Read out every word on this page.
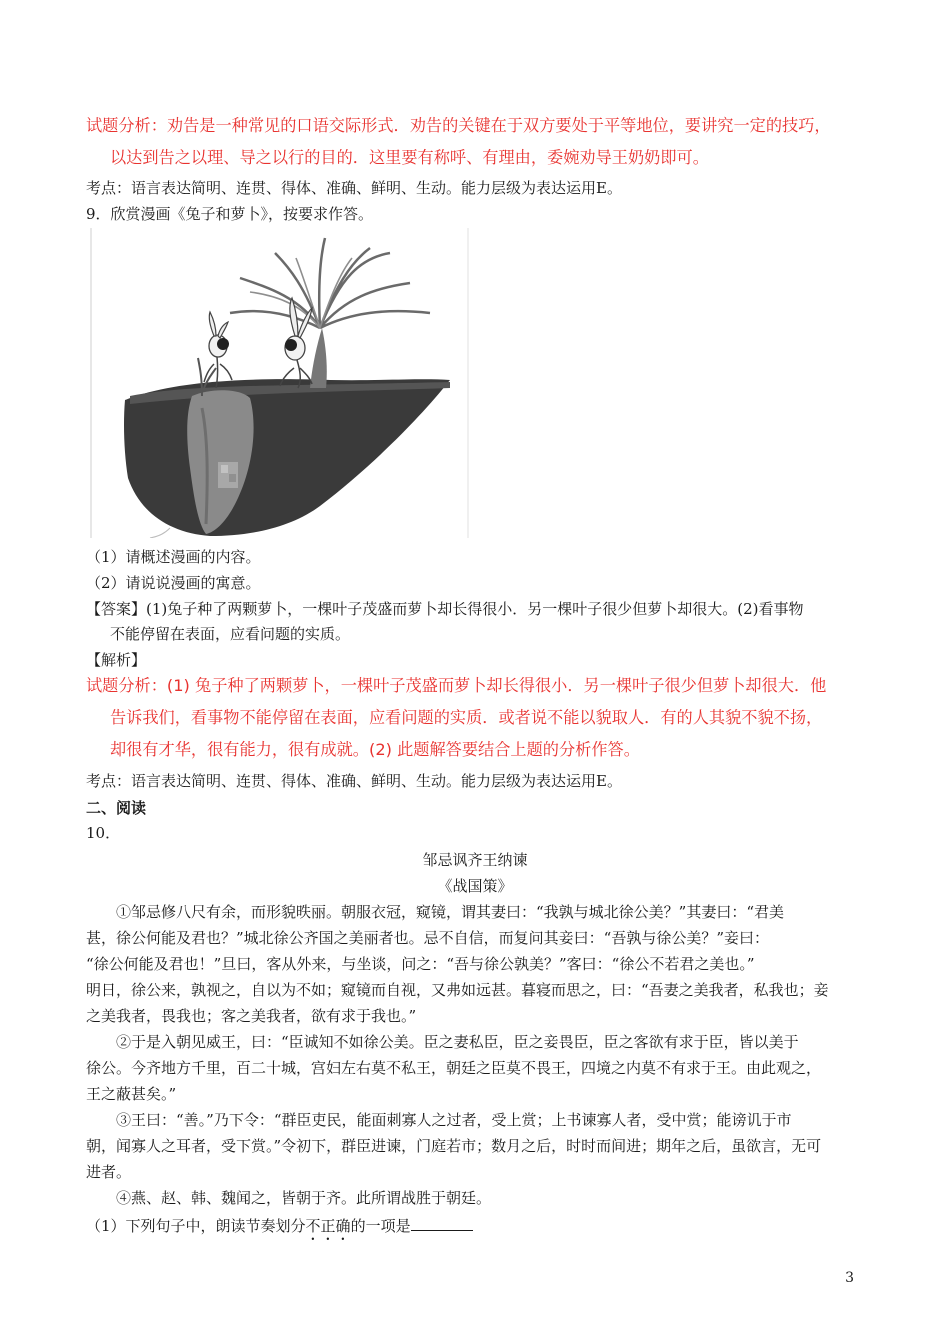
试题分析：劝告是一种常见的口语交际形式．劝告的关键在于双方要处于平等地位，要讲究一定的技巧，
以达到告之以理、导之以行的目的．这里要有称呼、有理由，委婉劝导王奶奶即可。
考点：语言表达简明、连贯、得体、准确、鲜明、生动。能力层级为表达运用E。
9．欣赏漫画《兔子和萝卜》，按要求作答。
（1）请概述漫画的内容。
（2）请说说漫画的寓意。
【答案】(1)兔子种了两颗萝卜，一棵叶子茂盛而萝卜却长得很小．另一棵叶子很少但萝卜却很大。(2)看事物
不能停留在表面，应看问题的实质。
【解析】
试题分析：(1) 兔子种了两颗萝卜，一棵叶子茂盛而萝卜却长得很小．另一棵叶子很少但萝卜却很大．他
告诉我们，看事物不能停留在表面，应看问题的实质．或者说不能以貌取人．有的人其貌不貌不扬，
却很有才华，很有能力，很有成就。(2) 此题解答要结合上题的分析作答。
考点：语言表达简明、连贯、得体、准确、鲜明、生动。能力层级为表达运用E。
二、阅读
10．
邹忌讽齐王纳谏
《战国策》
①邹忌修八尺有余，而形貌昳丽。朝服衣冠，窥镜，谓其妻曰：“我孰与城北徐公美？”其妻曰：“君美
甚，徐公何能及君也？”城北徐公齐国之美丽者也。忌不自信，而复问其妾曰：“吾孰与徐公美？”妾曰：
“徐公何能及君也！”旦曰，客从外来，与坐谈，问之：“吾与徐公孰美？”客曰：“徐公不若君之美也。”
明日，徐公来，孰视之，自以为不如；窥镜而自视，又弗如远甚。暮寝而思之，曰：“吾妻之美我者，私我也；妾
之美我者，畏我也；客之美我者，欲有求于我也。”
②于是入朝见威王，曰：“臣诚知不如徐公美。臣之妻私臣，臣之妾畏臣，臣之客欲有求于臣，皆以美于
徐公。今齐地方千里，百二十城，宫妇左右莫不私王，朝廷之臣莫不畏王，四境之内莫不有求于王。由此观之，
王之蔽甚矣。”
③王曰：“善。”乃下令：“群臣吏民，能面刺寡人之过者，受上赏；上书谏寡人者，受中赏；能谤讥于市
朝，闻寡人之耳者，受下赏。”令初下，群臣进谏，门庭若市；数月之后，时时而间进；期年之后，虽欲言，无可
进者。
④燕、赵、韩、魏闻之，皆朝于齐。此所谓战胜于朝廷。
（1）下列句子中，朗读节奏划分不正确的一项是
3
